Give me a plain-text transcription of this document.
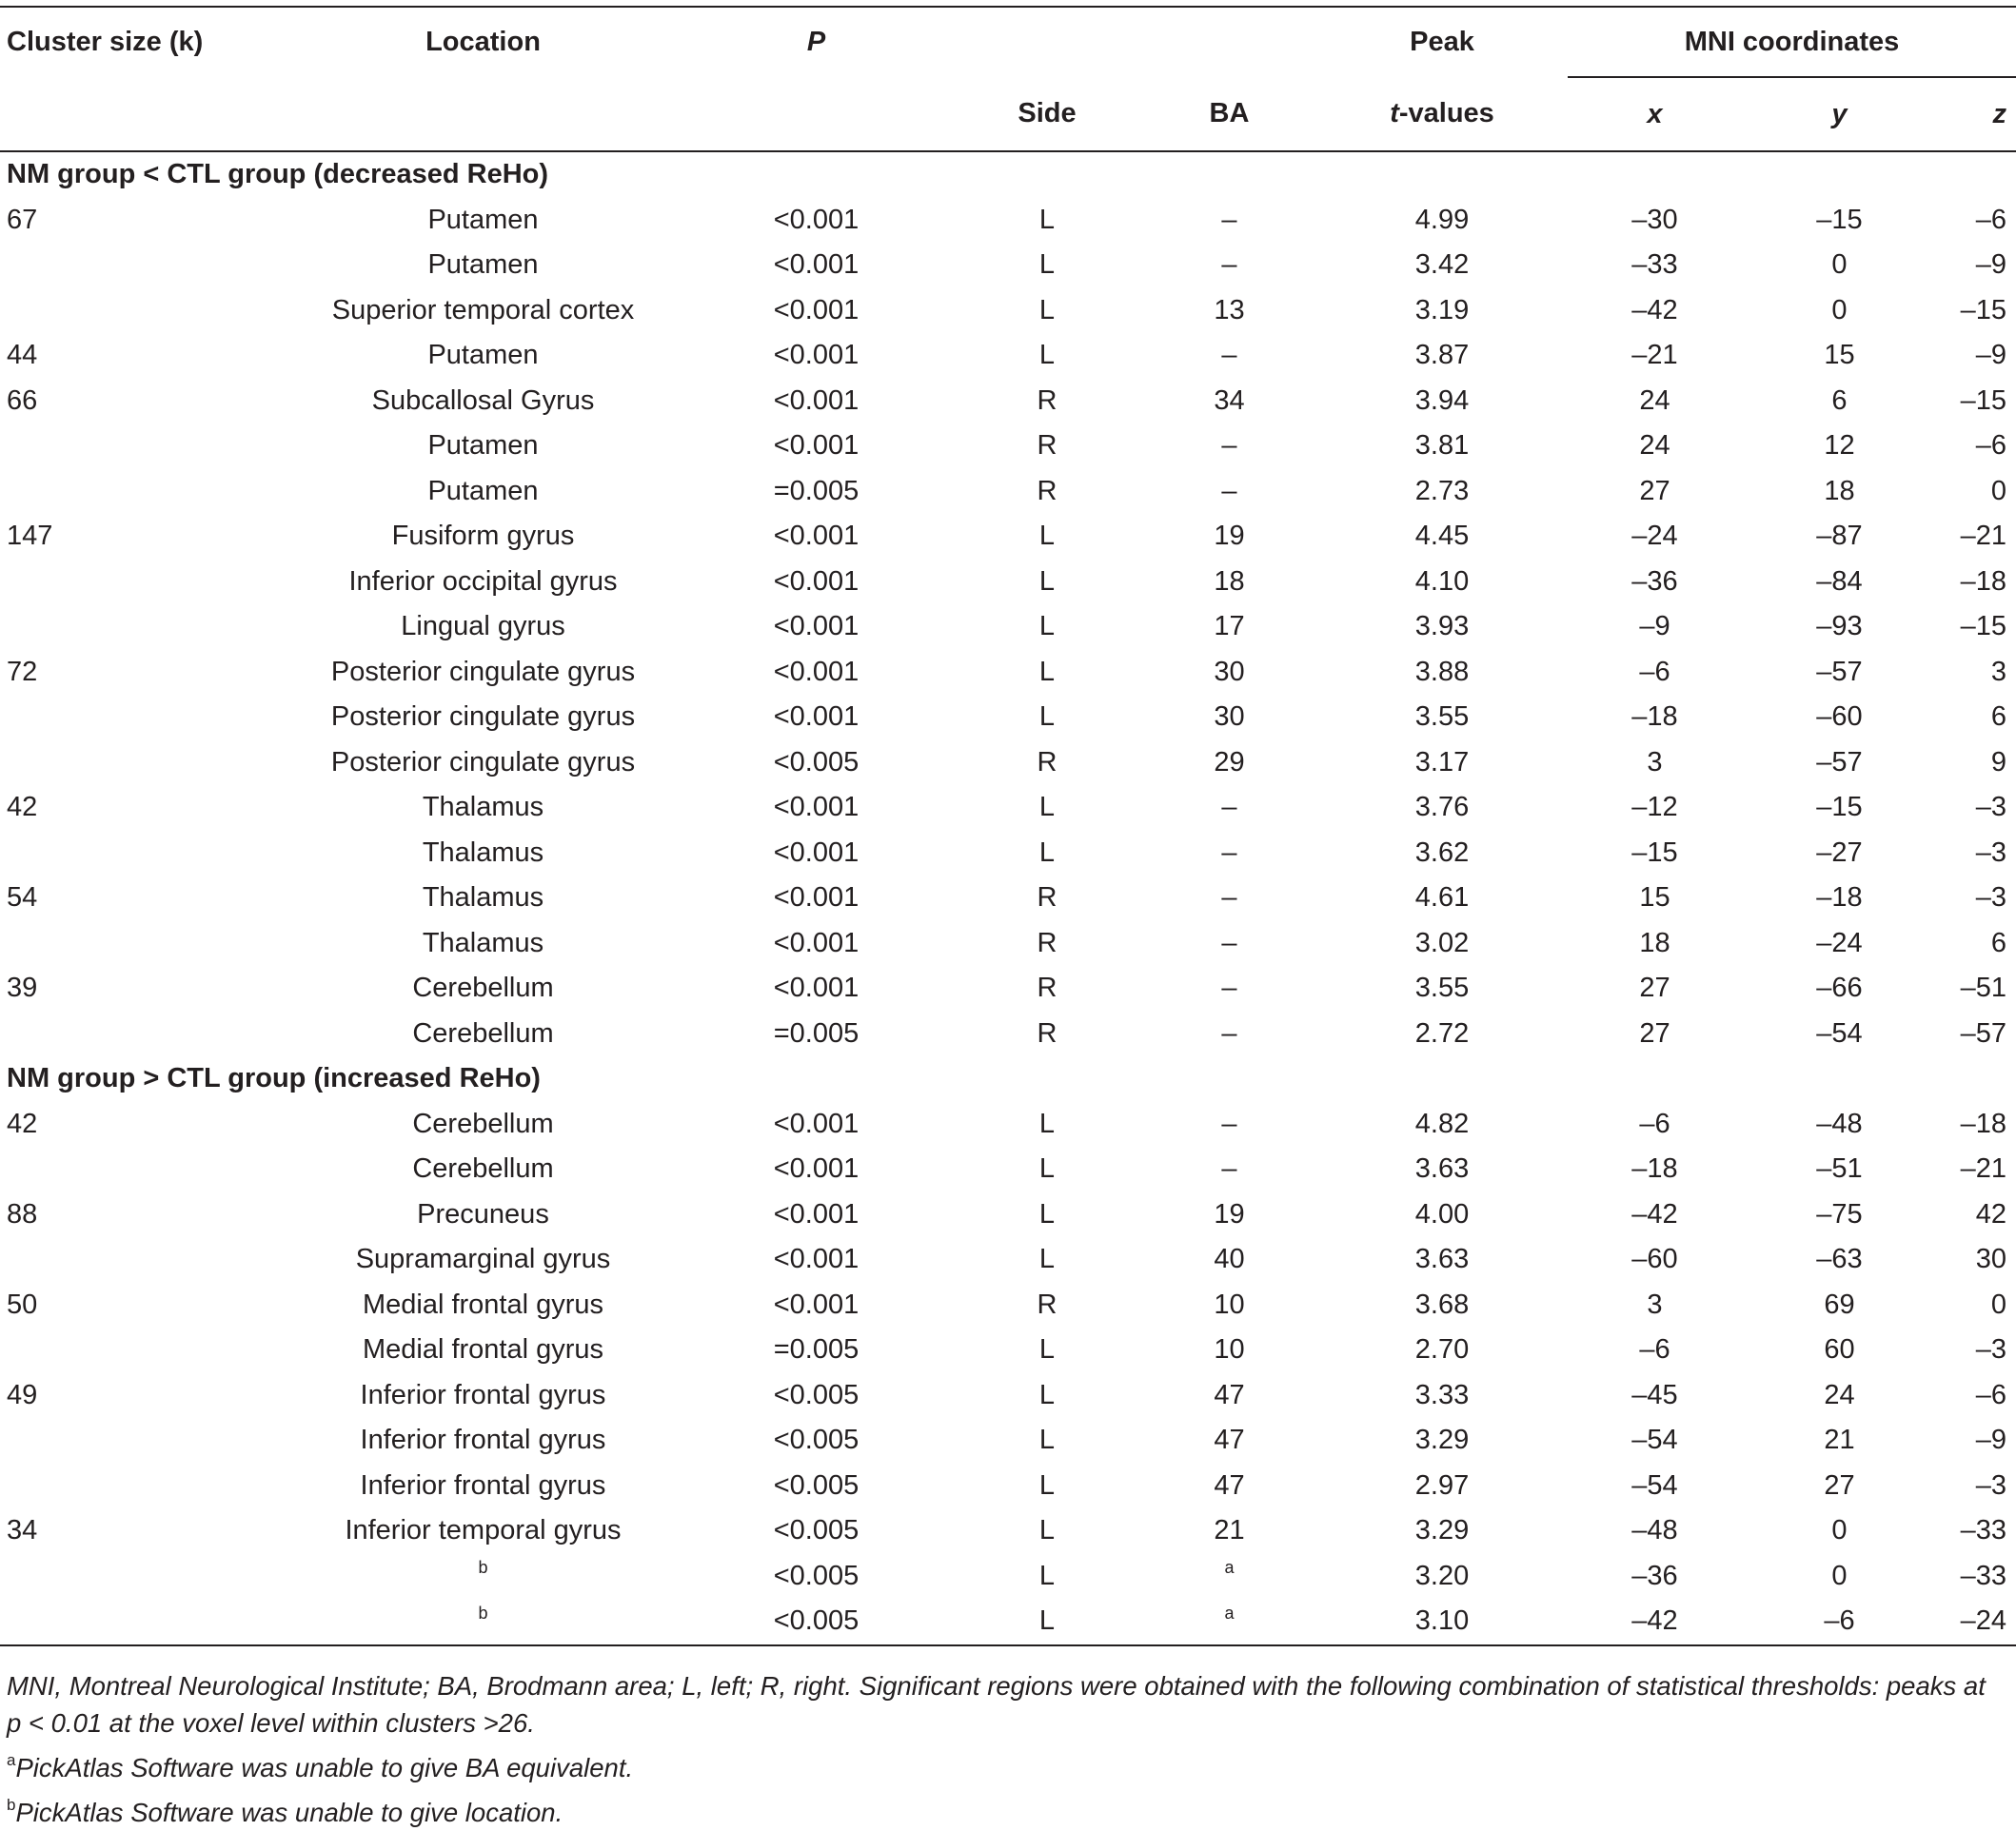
Cluster size (k)	Location	P			Peak	MNI coordinates		
			Side	BA	t-values	x	y	z
NM group < CTL group (decreased ReHo)								
67	Putamen	<0.001	L	–	4.99	–30	–15	–6
	Putamen	<0.001	L	–	3.42	–33	0	–9
	Superior temporal cortex	<0.001	L	13	3.19	–42	0	–15
44	Putamen	<0.001	L	–	3.87	–21	15	–9
66	Subcallosal Gyrus	<0.001	R	34	3.94	24	6	–15
	Putamen	<0.001	R	–	3.81	24	12	–6
	Putamen	=0.005	R	–	2.73	27	18	0
147	Fusiform gyrus	<0.001	L	19	4.45	–24	–87	–21
	Inferior occipital gyrus	<0.001	L	18	4.10	–36	–84	–18
	Lingual gyrus	<0.001	L	17	3.93	–9	–93	–15
72	Posterior cingulate gyrus	<0.001	L	30	3.88	–6	–57	3
	Posterior cingulate gyrus	<0.001	L	30	3.55	–18	–60	6
	Posterior cingulate gyrus	<0.005	R	29	3.17	3	–57	9
42	Thalamus	<0.001	L	–	3.76	–12	–15	–3
	Thalamus	<0.001	L	–	3.62	–15	–27	–3
54	Thalamus	<0.001	R	–	4.61	15	–18	–3
	Thalamus	<0.001	R	–	3.02	18	–24	6
39	Cerebellum	<0.001	R	–	3.55	27	–66	–51
	Cerebellum	=0.005	R	–	2.72	27	–54	–57
NM group > CTL group (increased ReHo)								
42	Cerebellum	<0.001	L	–	4.82	–6	–48	–18
	Cerebellum	<0.001	L	–	3.63	–18	–51	–21
88	Precuneus	<0.001	L	19	4.00	–42	–75	42
	Supramarginal gyrus	<0.001	L	40	3.63	–60	–63	30
50	Medial frontal gyrus	<0.001	R	10	3.68	3	69	0
	Medial frontal gyrus	=0.005	L	10	2.70	–6	60	–3
49	Inferior frontal gyrus	<0.005	L	47	3.33	–45	24	–6
	Inferior frontal gyrus	<0.005	L	47	3.29	–54	21	–9
	Inferior frontal gyrus	<0.005	L	47	2.97	–54	27	–3
34	Inferior temporal gyrus	<0.005	L	21	3.29	–48	0	–33
	$^b$	<0.005	L	$^a$	3.20	–36	0	–33
	$^b$	<0.005	L	$^a$	3.10	–42	–6	–24

MNI, Montreal Neurological Institute; BA, Brodmann area; L, left; R, right. Significant regions were obtained with the following combination of statistical thresholds: peaks at p < 0.01 at the voxel level within clusters >26.

$^a$PickAtlas Software was unable to give BA equivalent.

$^b$PickAtlas Software was unable to give location.
